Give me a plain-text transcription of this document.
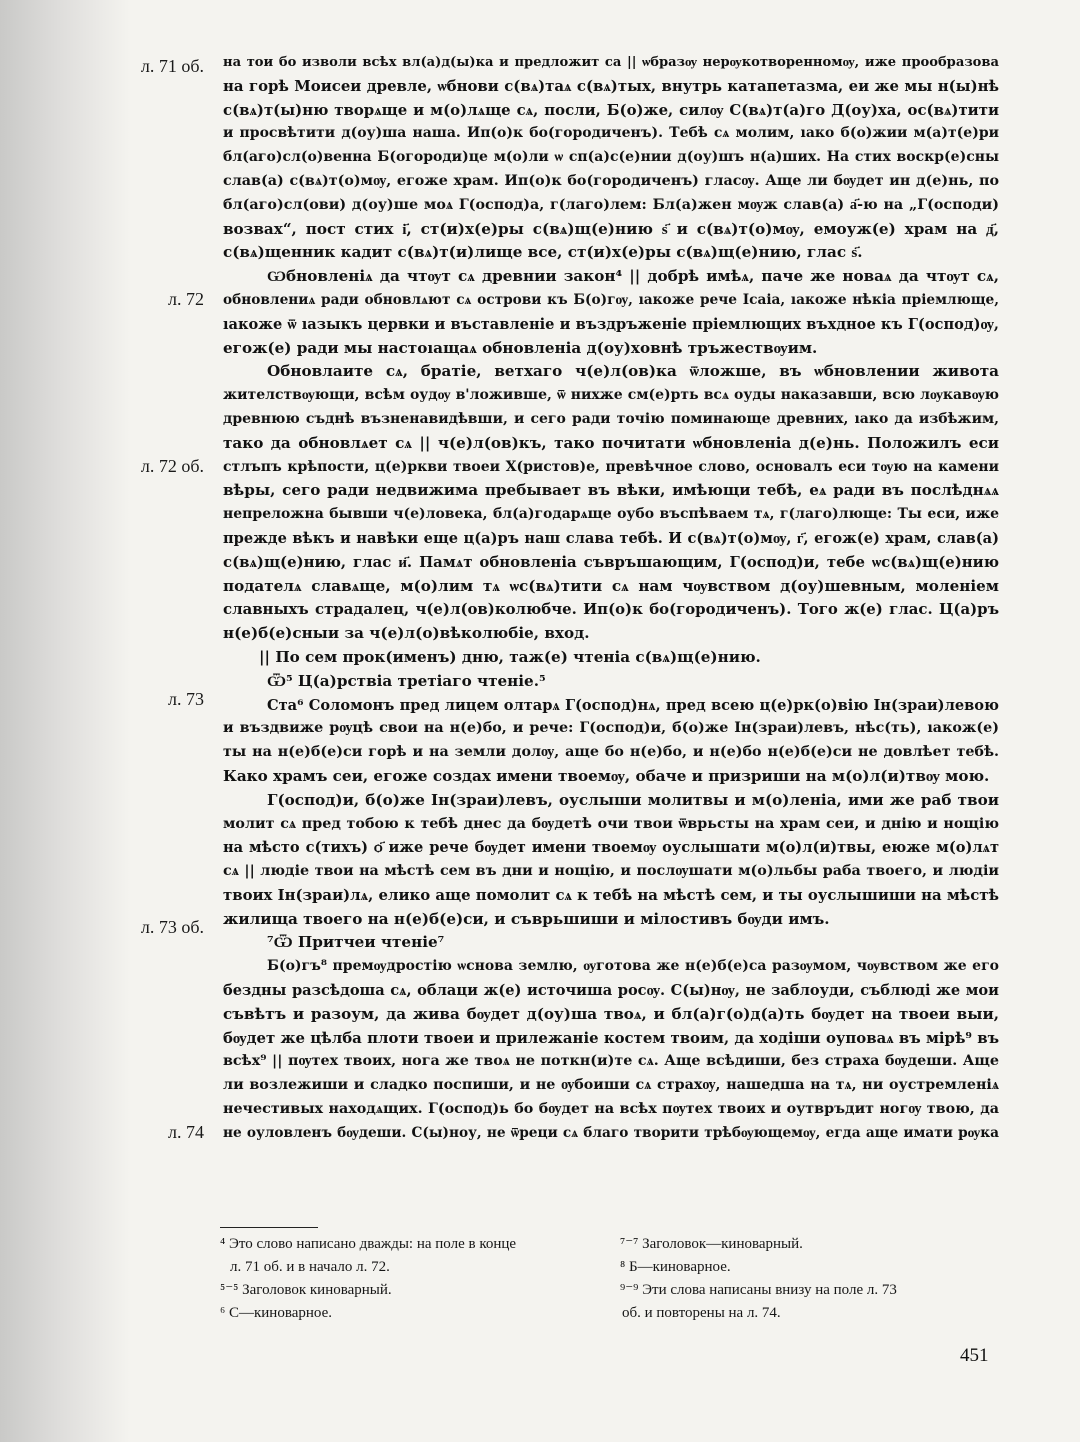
л. 71 об.
л. 72
л. 72 об.
л. 73
л. 73 об.
л. 74
на тои бо изволи всѣх вл(а)д(ы)ка и предложит са || ѡбразѹ нерѹкотворенномѹ, иже прообразова
на горѣ Моисеи древле, ѡбнови с(вѧ)таѧ с(вѧ)тых, внутрь катапетазма, еи же мы н(ы)нѣ
с(вѧ)т(ы)ню творѧще и м(о)лѧще сѧ, посли, Б(о)же, силѹ С(вѧ)т(а)го Д(оу)ха, ос(вѧ)тити
и просвѣтити д(оу)ша наша. Ип(о)к бо(городиченъ). Тебѣ сѧ молим, ıако б(о)жии м(а)т(е)ри
бл(аго)сл(о)венна Б(огороди)це м(о)ли ѡ сп(а)с(е)нии д(оу)шъ н(а)ших. На стих воскр(е)сны
слав(а) с(вѧ)т(о)мѹ, егоже храм. Ип(о)к бо(городиченъ) гласѹ. Аще ли бѹдет ин д(е)нь, по
бл(аго)сл(ови) д(оу)ше моѧ Г(оспод)а, г(лаго)лем: Бл(а)жен мѹж слав(а) а҃-ю на „Г(осподи)
возвах“, пост стих і҃, ст(и)х(е)ры с(вѧ)щ(е)нию ѕ҃ и с(вѧ)т(о)мѹ, емоуж(е) храм на д҃,
с(вѧ)щенник кадит с(вѧ)т(и)лище все, ст(и)х(е)ры с(вѧ)щ(е)нию, глас ѕ҃.
Ѡбновленіѧ да чтѹт сѧ древнии закон⁴ || добрѣ имѣѧ, паче же новаѧ да чтѹт сѧ,
обновлениѧ ради обновлѧют сѧ острови къ Б(о)гѹ, ıакоже рече Ісаіа, ıакоже нѣкіа пріемлюще,
ıакоже ѿ ıазыкъ цервки и въставленіе и въздръженіе пріемлющих въхдное къ Г(оспод)ѹ,
егож(е) ради мы настоıащаѧ обновленіа д(оу)ховнѣ тръжествѹим.
Обновлаите сѧ, братіе, ветхаго ч(е)л(ов)ка ѿложше, въ ѡбновлении живота
жителствѹющи, всѣм оудѹ в'ложивше, ѿ нихже см(е)рть всѧ оуды наказавши, всю лѹкавѹю
древнюю съднѣ възненавидѣвши, и сего ради точію поминающе древних, ıако да избѣжим,
тако да обновлѧет сѧ || ч(е)л(ов)къ, тако почитати ѡбновленіа д(е)нь. Положилъ еси
стлъпъ крѣпости, ц(е)ркви твоеи Х(ристов)е, превѣчное слово, основалъ еси тѹю на камени
вѣры, сего ради недвижима пребывает въ вѣки, имѣющи тебѣ, еѧ ради въ послѣднѧѧ
непреложна бывши ч(е)ловека, бл(а)годарѧще оубо въспѣваем тѧ, г(лаго)люще: Ты еси, иже
прежде вѣкъ и навѣки еще ц(а)ръ наш слава тебѣ. И с(вѧ)т(о)мѹ, г҃, егож(е) храм, слав(а)
с(вѧ)щ(е)нию, глас и҃. Памѧт обновленіа съвръшающим, Г(оспод)и, тебе ѡс(вѧ)щ(е)нию
подателѧ славѧще, м(о)лим тѧ ѡс(вѧ)тити сѧ нам чѹвством д(оу)шевным, моленіем
славныхъ страдалец, ч(е)л(ов)колюбче. Ип(о)к бо(городиченъ). Того ж(е) глас. Ц(а)ръ
н(е)б(е)сныи за ч(е)л(о)вѣколюбіе, вход.
|| По сем прок(именъ) дню, таж(е) чтеніа с(вѧ)щ(е)нию.
Ѿ⁵ Ц(а)рствіа третіаго чтеніе.⁵
Ста⁶ Соломонъ пред лицем олтарѧ Г(оспод)нѧ, пред всею ц(е)рк(о)вію Ін(зраи)левою
и въздвиже рѹцѣ свои на н(е)бо, и рече: Г(оспод)и, б(о)же Ін(зраи)левъ, нѣс(ть), ıакож(е)
ты на н(е)б(е)си горѣ и на земли долѹ, аще бо н(е)бо, и н(е)бо н(е)б(е)си не довлѣет тебѣ.
Како храмъ сеи, егоже создах имени твоемѹ, обаче и призриши на м(о)л(и)твѹ мою.
Г(оспод)и, б(о)же Ін(зраи)левъ, оуслыши молитвы и м(о)леніа, ими же раб твои
молит сѧ пред тобою к тебѣ днес да бѹдетѣ очи твои ѿврьсты на храм сеи, и днію и нощію
на мѣсто с(тихъ) ѻ҃ иже рече бѹдет имени твоемѹ оуслышати м(о)л(и)твы, еюже м(о)лѧт
сѧ || людіе твои на мѣстѣ сем въ дни и нощію, и послѹшати м(о)льбы раба твоего, и людіи
твоих Ін(зраи)лѧ, елико аще помолит сѧ к тебѣ на мѣстѣ сем, и ты оуслышиши на мѣстѣ
жилища твоего на н(е)б(е)си, и съврьшиши и мілостивъ бѹди имъ.
⁷Ѿ Притчеи чтеніе⁷
Б(о)гъ⁸ премѹдростію ѡснова землю, ѹготова же н(е)б(е)са разѹмом, чѹвством же его
бездны разсѣдоша сѧ, облаци ж(е) источиша росѹ. С(ы)нѹ, не заблоуди, съблюді же мои
съвѣтъ и разоум, да жива бѹдет д(оу)ша твоѧ, и бл(а)г(о)д(а)ть бѹдет на твоеи выи,
бѹдет же цѣлба плоти твоеи и прилежаніе костем твоим, да ходіши оуповаѧ въ мірѣ⁹ въ
всѣх⁹ || пѹтех твоих, нога же твоѧ не поткн(и)те сѧ. Аще всѣдиши, без страха бѹдеши. Аще
ли возлежиши и сладко поспиши, и не ѹбоиши сѧ страхѹ, нашедша на тѧ, ни оустремленіѧ
нечестивых находѧщих. Г(оспод)ь бо бѹдет на всѣх пѹтех твоих и оутвръдит ногѹ твою, да
не оуловленъ бѹдеши. С(ы)ноу, не ѿреци сѧ благо творити трѣбѹющемѹ, егда аще имати рѹка
⁴ Это слово написано дважды: на поле в конце
л. 71 об. и в начало л. 72.
⁵⁻⁵ Заголовок киноварный.
⁶ С—киноварное.
⁷⁻⁷ Заголовок—киноварный.
⁸ Б—киноварное.
⁹⁻⁹ Эти слова написаны внизу на поле л. 73
об. и повторены на л. 74.
451
